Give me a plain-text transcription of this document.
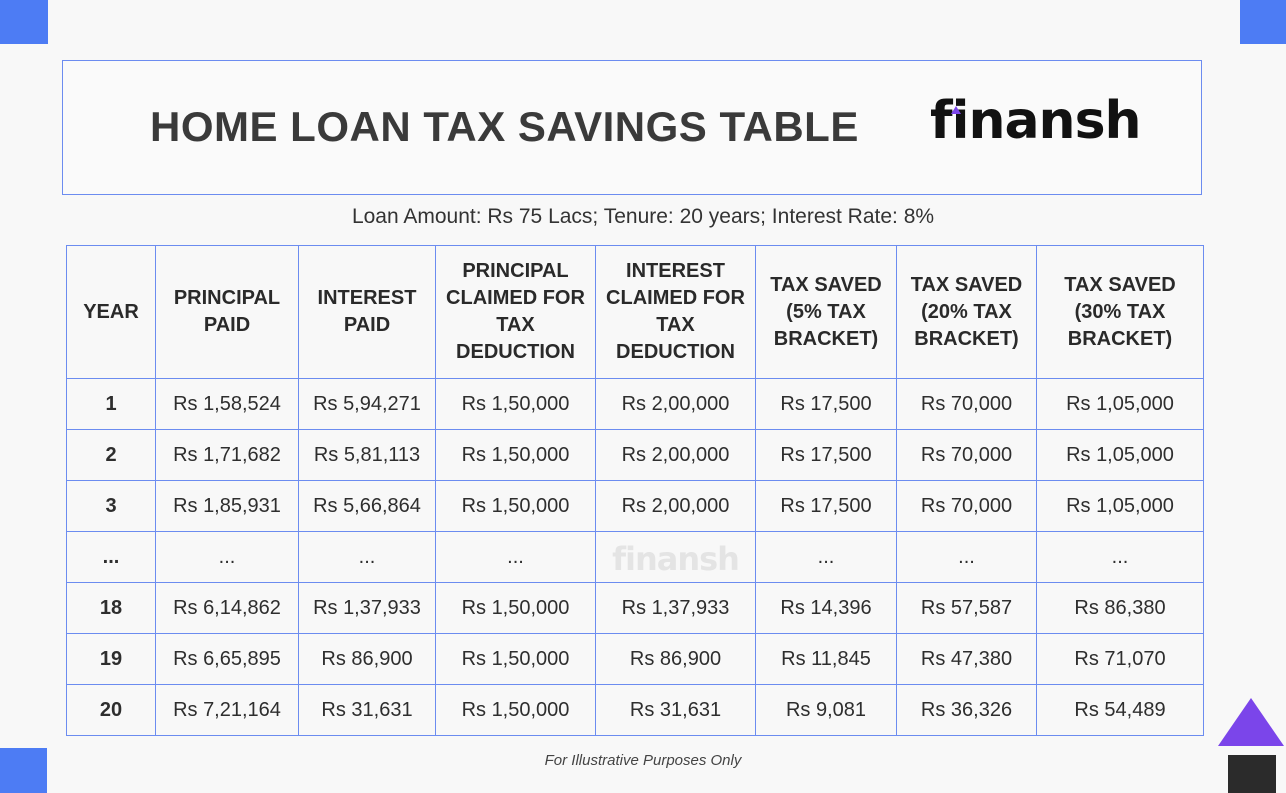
HOME LOAN TAX SAVINGS TABLE finansh
Loan Amount: Rs 75 Lacs; Tenure: 20 years; Interest Rate: 8%
YEAR	PRINCIPAL PAID	INTEREST PAID	PRINCIPAL CLAIMED FOR TAX DEDUCTION	INTEREST CLAIMED FOR TAX DEDUCTION	TAX SAVED (5% TAX BRACKET)	TAX SAVED (20% TAX BRACKET)	TAX SAVED (30% TAX BRACKET)
1	Rs 1,58,524	Rs 5,94,271	Rs 1,50,000	Rs 2,00,000	Rs 17,500	Rs 70,000	Rs 1,05,000
2	Rs 1,71,682	Rs 5,81,113	Rs 1,50,000	Rs 2,00,000	Rs 17,500	Rs 70,000	Rs 1,05,000
3	Rs 1,85,931	Rs 5,66,864	Rs 1,50,000	Rs 2,00,000	Rs 17,500	Rs 70,000	Rs 1,05,000
...	...	...	...	finansh	...	...	...
18	Rs 6,14,862	Rs 1,37,933	Rs 1,50,000	Rs 1,37,933	Rs 14,396	Rs 57,587	Rs 86,380
19	Rs 6,65,895	Rs 86,900	Rs 1,50,000	Rs 86,900	Rs 11,845	Rs 47,380	Rs 71,070
20	Rs 7,21,164	Rs 31,631	Rs 1,50,000	Rs 31,631	Rs 9,081	Rs 36,326	Rs 54,489
For Illustrative Purposes Only
